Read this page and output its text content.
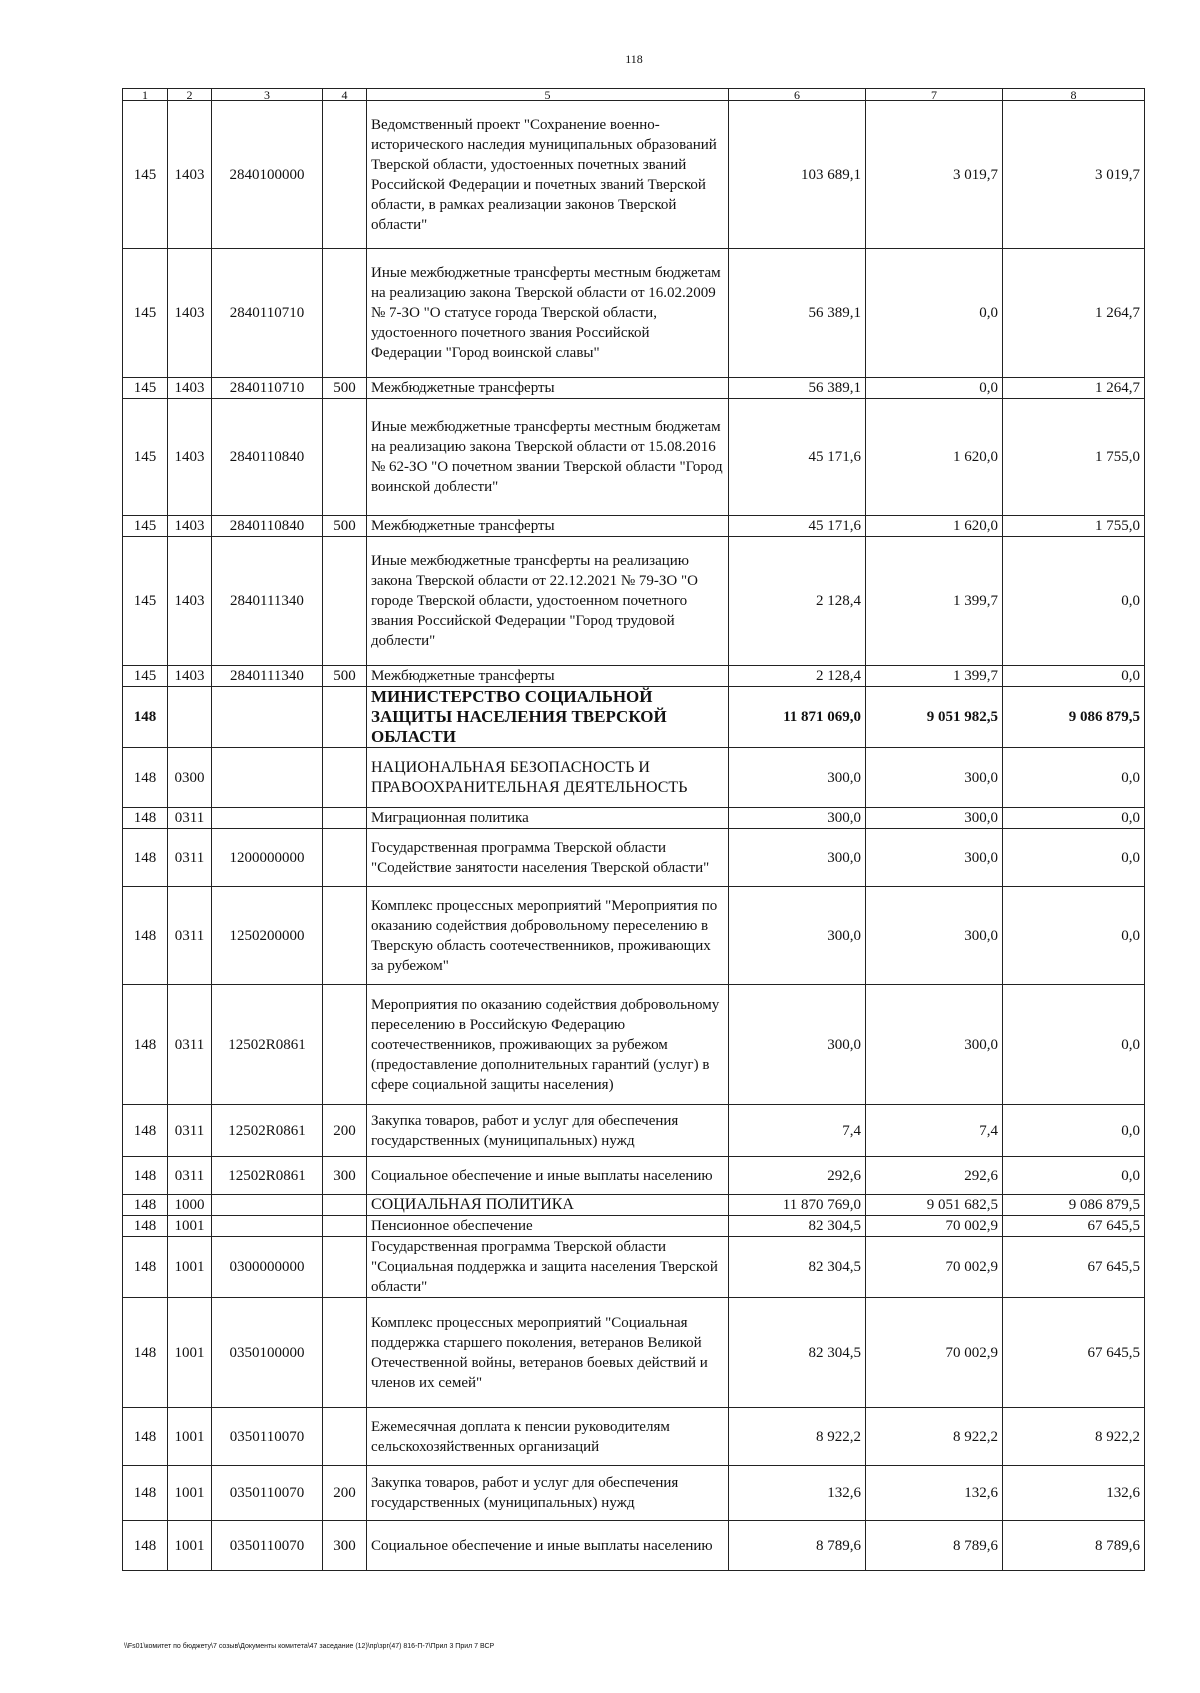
118
1	2	3	4	5	6	7	8
145	1403	2840100000		Ведомственный проект "Сохранение военно-исторического наследия муниципальных образований Тверской области, удостоенных почетных званий Российской Федерации и почетных званий Тверской области, в рамках реализации законов Тверской области"	103 689,1	3 019,7	3 019,7
145	1403	2840110710		Иные межбюджетные трансферты местным бюджетам на реализацию закона Тверской области от 16.02.2009 № 7-ЗО "О статусе города Тверской области, удостоенного почетного звания Российской Федерации "Город воинской славы"	56 389,1	0,0	1 264,7
145	1403	2840110710	500	Межбюджетные трансферты	56 389,1	0,0	1 264,7
145	1403	2840110840		Иные межбюджетные трансферты местным бюджетам на реализацию закона Тверской области от 15.08.2016 № 62-ЗО "О почетном звании Тверской области "Город воинской доблести"	45 171,6	1 620,0	1 755,0
145	1403	2840110840	500	Межбюджетные трансферты	45 171,6	1 620,0	1 755,0
145	1403	2840111340		Иные межбюджетные трансферты на реализацию закона Тверской области от 22.12.2021 № 79-ЗО "О городе Тверской области, удостоенном почетного звания Российской Федерации "Город трудовой доблести"	2 128,4	1 399,7	0,0
145	1403	2840111340	500	Межбюджетные трансферты	2 128,4	1 399,7	0,0
148				МИНИСТЕРСТВО СОЦИАЛЬНОЙ ЗАЩИТЫ НАСЕЛЕНИЯ ТВЕРСКОЙ ОБЛАСТИ	11 871 069,0	9 051 982,5	9 086 879,5
148	0300			НАЦИОНАЛЬНАЯ БЕЗОПАСНОСТЬ И ПРАВООХРАНИТЕЛЬНАЯ ДЕЯТЕЛЬНОСТЬ	300,0	300,0	0,0
148	0311			Миграционная политика	300,0	300,0	0,0
148	0311	1200000000		Государственная программа Тверской области "Содействие занятости населения Тверской области"	300,0	300,0	0,0
148	0311	1250200000		Комплекс процессных мероприятий "Мероприятия по оказанию содействия добровольному переселению в Тверскую область соотечественников, проживающих за рубежом"	300,0	300,0	0,0
148	0311	12502R0861		Мероприятия по оказанию содействия добровольному переселению в Российскую Федерацию соотечественников, проживающих за рубежом (предоставление дополнительных гарантий (услуг) в сфере социальной защиты населения)	300,0	300,0	0,0
148	0311	12502R0861	200	Закупка товаров, работ и услуг для обеспечения государственных (муниципальных) нужд	7,4	7,4	0,0
148	0311	12502R0861	300	Социальное обеспечение и иные выплаты населению	292,6	292,6	0,0
148	1000			СОЦИАЛЬНАЯ ПОЛИТИКА	11 870 769,0	9 051 682,5	9 086 879,5
148	1001			Пенсионное обеспечение	82 304,5	70 002,9	67 645,5
148	1001	0300000000		Государственная программа Тверской области "Социальная поддержка и защита населения Тверской области"	82 304,5	70 002,9	67 645,5
148	1001	0350100000		Комплекс процессных мероприятий "Социальная поддержка старшего поколения, ветеранов Великой Отечественной войны, ветеранов боевых действий и членов их семей"	82 304,5	70 002,9	67 645,5
148	1001	0350110070		Ежемесячная доплата к пенсии руководителям сельскохозяйственных организаций	8 922,2	8 922,2	8 922,2
148	1001	0350110070	200	Закупка товаров, работ и услуг для обеспечения государственных (муниципальных) нужд	132,6	132,6	132,6
148	1001	0350110070	300	Социальное обеспечение и иные выплаты населению	8 789,6	8 789,6	8 789,6
\\Fs01\комитет по бюджету\7 созыв\Документы комитета\47 заседание (12)\пр\зрг(47) 816-П-7\Прил 3 Прил 7 ВСР
